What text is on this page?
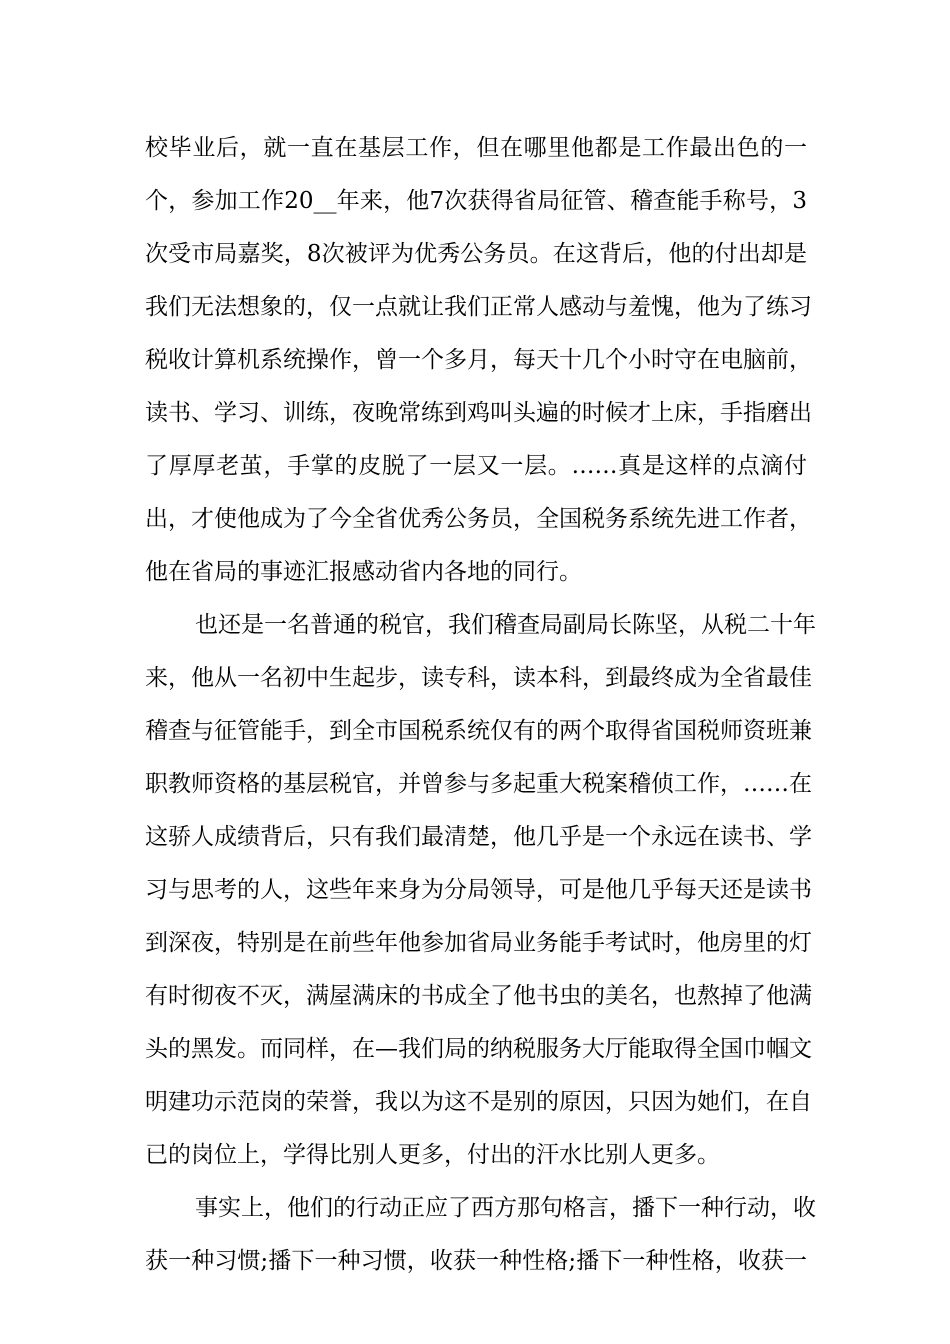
校毕业后，就一直在基层工作，但在哪里他都是工作最出色的一
个，参加工作20__年来，他7次获得省局征管、稽查能手称号，3
次受市局嘉奖，8次被评为优秀公务员。在这背后，他的付出却是
我们无法想象的，仅一点就让我们正常人感动与羞愧，他为了练习
税收计算机系统操作，曾一个多月，每天十几个小时守在电脑前，
读书、学习、训练，夜晚常练到鸡叫头遍的时候才上床，手指磨出
了厚厚老茧，手掌的皮脱了一层又一层。……真是这样的点滴付
出，才使他成为了今全省优秀公务员，全国税务系统先进工作者，
他在省局的事迹汇报感动省内各地的同行。
也还是一名普通的税官，我们稽查局副局长陈坚，从税二十年
来，他从一名初中生起步，读专科，读本科，到最终成为全省最佳
稽查与征管能手，到全市国税系统仅有的两个取得省国税师资班兼
职教师资格的基层税官，并曾参与多起重大税案稽侦工作，……在
这骄人成绩背后，只有我们最清楚，他几乎是一个永远在读书、学
习与思考的人，这些年来身为分局领导，可是他几乎每天还是读书
到深夜，特别是在前些年他参加省局业务能手考试时，他房里的灯
有时彻夜不灭，满屋满床的书成全了他书虫的美名，也熬掉了他满
头的黑发。而同样，在—我们局的纳税服务大厅能取得全国巾帼文
明建功示范岗的荣誉，我以为这不是别的原因，只因为她们，在自
已的岗位上，学得比别人更多，付出的汗水比别人更多。
事实上，他们的行动正应了西方那句格言，播下一种行动，收
获一种习惯;播下一种习惯，收获一种性格;播下一种性格，收获一
